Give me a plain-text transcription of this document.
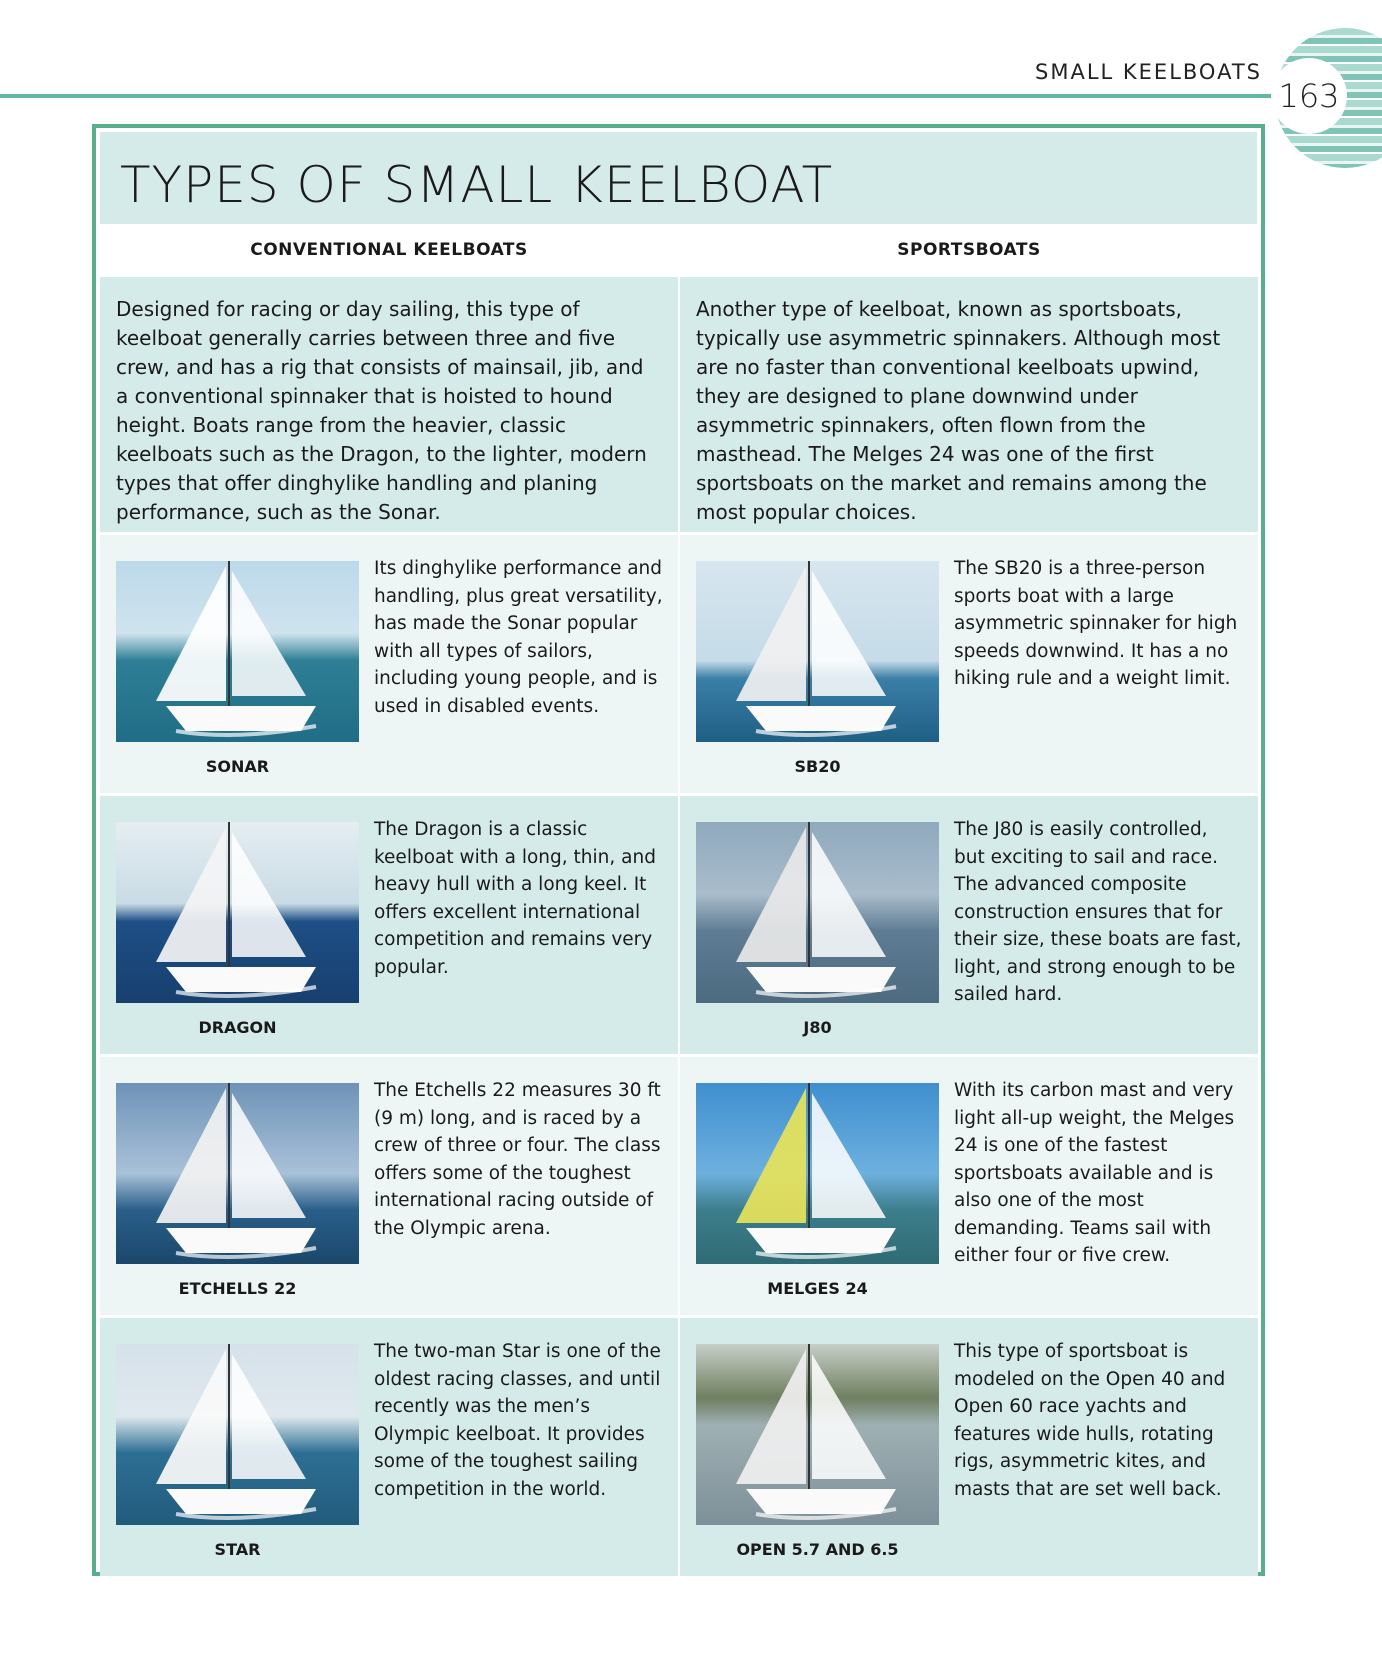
SMALL KEELBOATS
163
TYPES OF SMALL KEELBOAT
CONVENTIONAL KEELBOATS
Designed for racing or day sailing, this type of keelboat generally carries between three and five crew, and has a rig that consists of mainsail, jib, and a conventional spinnaker that is hoisted to hound height. Boats range from the heavier, classic keelboats such as the Dragon, to the lighter, modern types that offer dinghylike handling and planing performance, such as the Sonar.
Its dinghylike performance and handling, plus great versatility, has made the Sonar popular with all types of sailors, including young people, and is used in disabled events.
SONAR
The Dragon is a classic keelboat with a long, thin, and heavy hull with a long keel. It offers excellent international competition and remains very popular.
DRAGON
The Etchells 22 measures 30 ft (9 m) long, and is raced by a crew of three or four. The class offers some of the toughest international racing outside of the Olympic arena.
ETCHELLS 22
The two-man Star is one of the oldest racing classes, and until recently was the men’s Olympic keelboat. It provides some of the toughest sailing competition in the world.
STAR
SPORTSBOATS
Another type of keelboat, known as sportsboats, typically use asymmetric spinnakers. Although most are no faster than conventional keelboats upwind, they are designed to plane downwind under asymmetric spinnakers, often flown from the masthead. The Melges 24 was one of the first sportsboats on the market and remains among the most popular choices.
The SB20 is a three-person sports boat with a large asymmetric spinnaker for high speeds downwind. It has a no hiking rule and a weight limit.
SB20
The J80 is easily controlled, but exciting to sail and race. The advanced composite construction ensures that for their size, these boats are fast, light, and strong enough to be sailed hard.
J80
With its carbon mast and very light all-up weight, the Melges 24 is one of the fastest sportsboats available and is also one of the most demanding. Teams sail with either four or five crew.
MELGES 24
This type of sportsboat is modeled on the Open 40 and Open 60 race yachts and features wide hulls, rotating rigs, asymmetric kites, and masts that are set well back.
OPEN 5.7 AND 6.5
